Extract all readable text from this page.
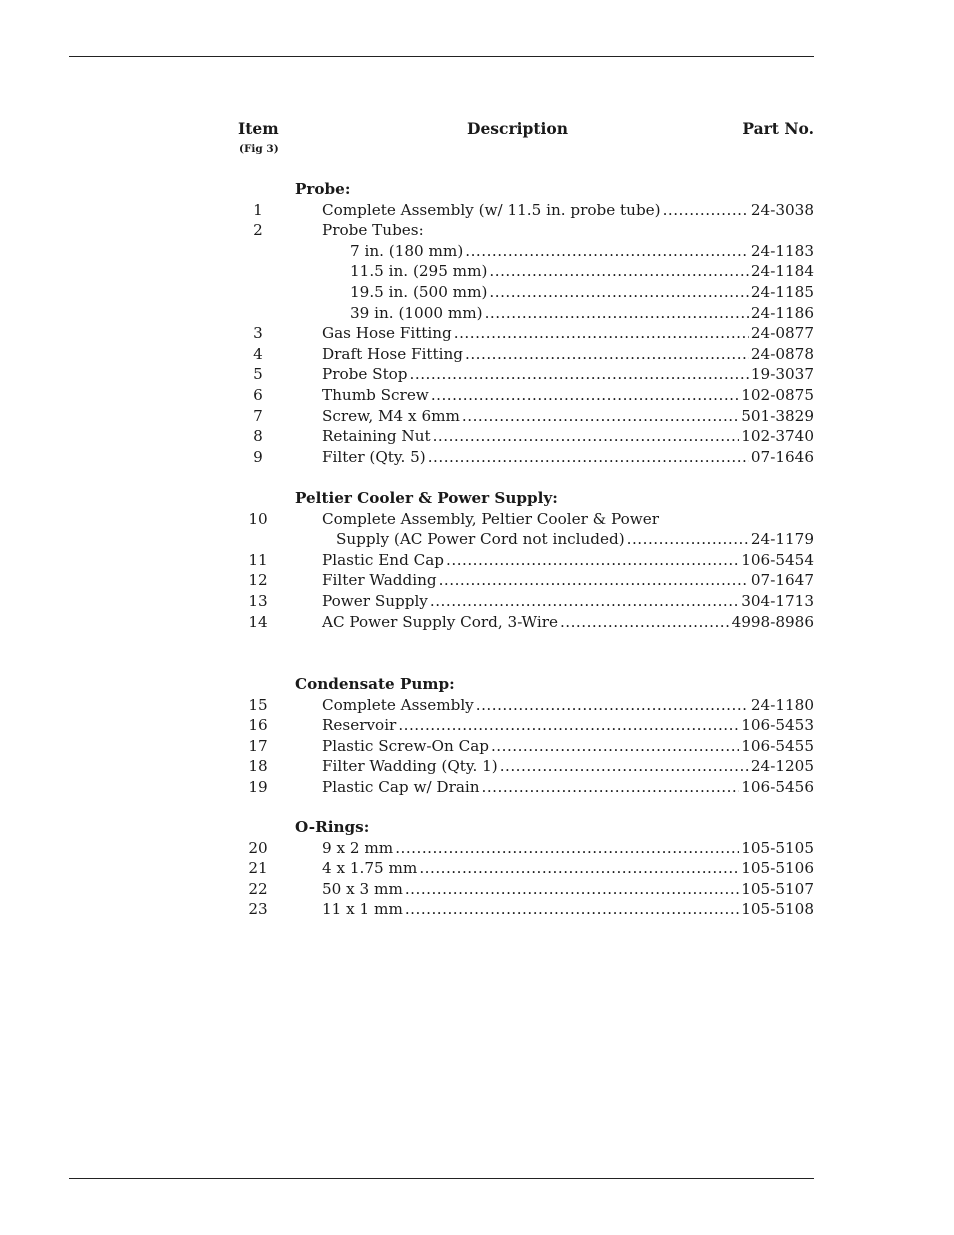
Item
(Fig 3)
Description	Part No.
Probe:
1	Complete Assembly (w/ 11.5 in. probe tube) .....	24-3038
2	Probe Tubes:
7 in. (180 mm) .....	24-1183
11.5 in. (295 mm) .....	24-1184
19.5 in. (500 mm) .....	24-1185
39 in. (1000 mm) .....	24-1186
3	Gas Hose Fitting .....	24-0877
4	Draft Hose Fitting .....	24-0878
5	Probe Stop .....	19-3037
6	Thumb Screw .....	102-0875
7	Screw, M4 x 6mm .....	501-3829
8	Retaining Nut .....	102-3740
9	Filter (Qty. 5) .....	07-1646
Peltier Cooler & Power Supply:
10	Complete Assembly, Peltier Cooler & Power
Supply (AC Power Cord not included) .....	24-1179
11	Plastic End Cap .....	106-5454
12	Filter Wadding .....	07-1647
13	Power Supply .....	304-1713
14	AC Power Supply Cord, 3-Wire .....	4998-8986
Condensate Pump:
15	Complete Assembly .....	24-1180
16	Reservoir .....	106-5453
17	Plastic Screw-On Cap .....	106-5455
18	Filter Wadding (Qty. 1) .....	24-1205
19	Plastic Cap w/ Drain .....	106-5456
O-Rings:
20	9 x 2 mm .....	105-5105
21	4 x 1.75 mm .....	105-5106
22	50 x 3 mm .....	105-5107
23	11 x 1 mm .....	105-5108
